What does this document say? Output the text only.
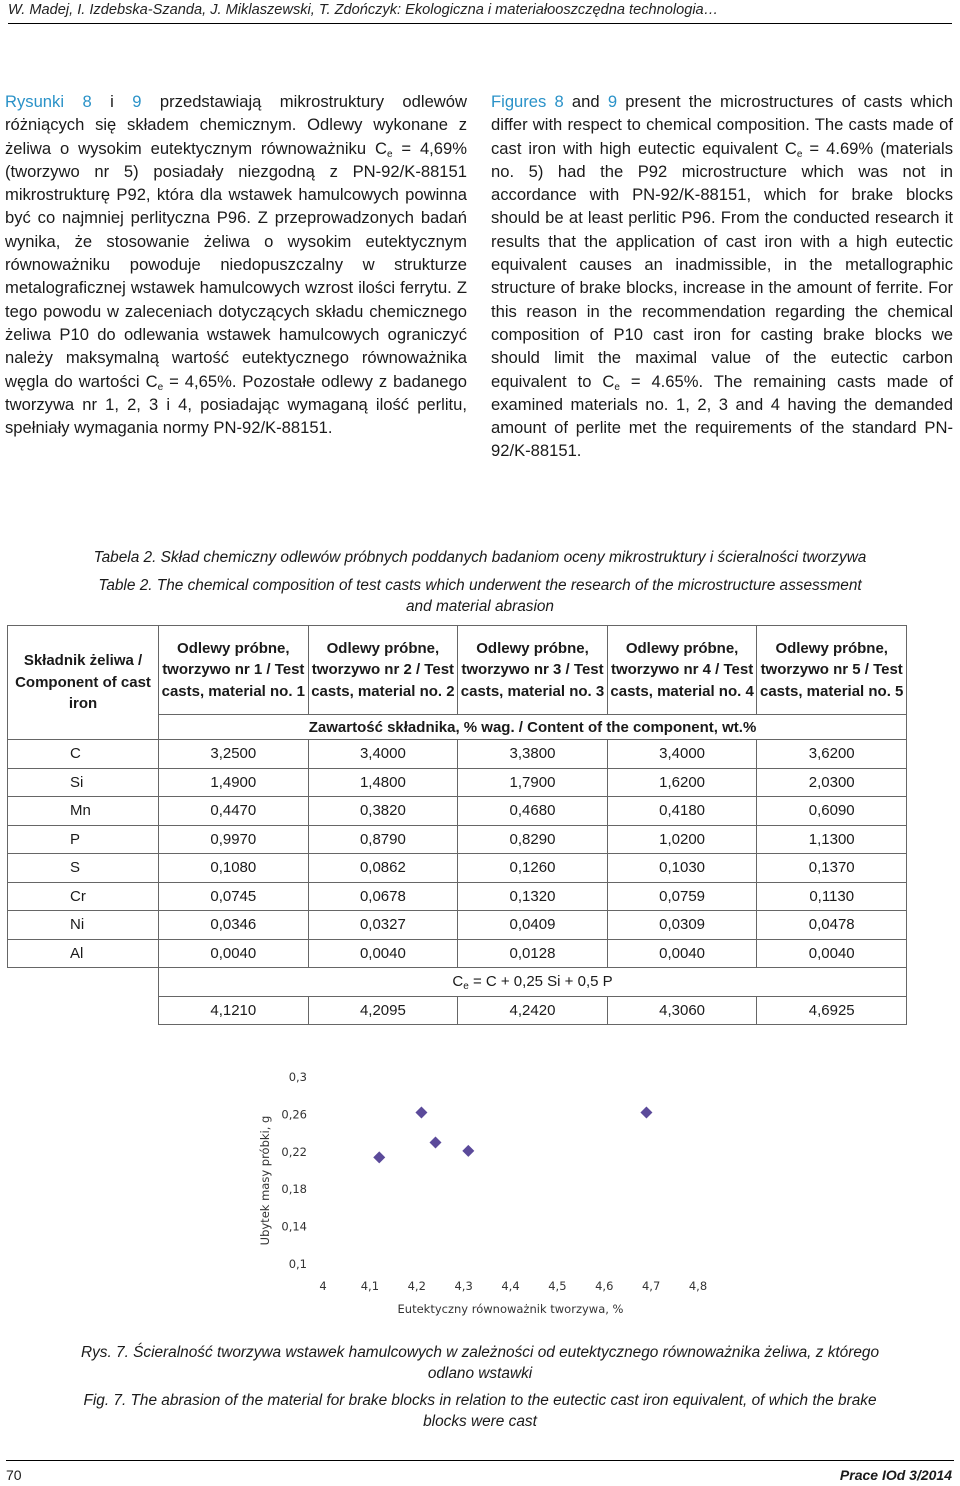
W. Madej, I. Izdebska-Szanda, J. Miklaszewski, T. Zdończyk: Ekologiczna i materiałooszczędna technologia…

Rysunki 8 i 9 przedstawiają mikrostruktury odlewów różniących się składem chemicznym. Odlewy wykonane z żeliwa o wysokim eutektycznym równoważniku $C_e = 4,69\%$ (tworzywo nr 5) posiadały niezgodną z PN-92/K-88151 mikrostrukturę P92, która dla wstawek hamulcowych powinna być co najmniej perlityczna P96. Z przeprowadzonych badań wynika, że stosowanie żeliwa o wysokim eutektycznym równoważniku powoduje niedopuszczalny w strukturze metalograficznej wstawek hamulcowych wzrost ilości ferrytu. Z tego powodu w zaleceniach dotyczących składu chemicznego żeliwa P10 do odlewania wstawek hamulcowych ograniczyć należy maksymalną wartość eutektycznego równoważnika węgla do wartości $C_e = 4,65\%$. Pozostałe odlewy z badanego tworzywa nr 1, 2, 3 i 4, posiadając wymaganą ilość perlitu, spełniały wymagania normy PN-92/K-88151.

Figures 8 and 9 present the microstructures of casts which differ with respect to chemical composition. The casts made of cast iron with high eutectic equivalent $C_e = 4.69\%$ (materials no. 5) had the P92 microstructure which was not in accordance with PN-92/K-88151, which for brake blocks should be at least perlitic P96. From the conducted research it results that the application of cast iron with a high eutectic equivalent causes an inadmissible, in the metallographic structure of brake blocks, increase in the amount of ferrite. For this reason in the recommendation regarding the chemical composition of P10 cast iron for casting brake blocks we should limit the maximal value of the eutectic carbon equivalent to $C_e = 4.65\%$. The remaining casts made of examined materials no. 1, 2, 3 and 4 having the demanded amount of perlite met the requirements of the standard PN-92/K-88151.

Tabela 2. Skład chemiczny odlewów próbnych poddanych badaniom oceny mikrostruktury i ścieralności tworzywa
Table 2. The chemical composition of test casts which underwent the research of the microstructure assessment
and material abrasion
Składnik żeliwa / Component of cast iron	Odlewy próbne, tworzywo nr 1 / Test casts, material no. 1	Odlewy próbne, tworzywo nr 2 / Test casts, material no. 2	Odlewy próbne, tworzywo nr 3 / Test casts, material no. 3	Odlewy próbne, tworzywo nr 4 / Test casts, material no. 4	Odlewy próbne, tworzywo nr 5 / Test casts, material no. 5
	Zawartość składnika, % wag. / Content of the component, wt.%				
C	3,2500	3,4000	3,3800	3,4000	3,6200
Si	1,4900	1,4800	1,7900	1,6200	2,0300
Mn	0,4470	0,3820	0,4680	0,4180	0,6090
P	0,9970	0,8790	0,8290	1,0200	1,1300
S	0,1080	0,0862	0,1260	0,1030	0,1370
Cr	0,0745	0,0678	0,1320	0,0759	0,1130
Ni	0,0346	0,0327	0,0409	0,0309	0,0478
Al	0,0040	0,0040	0,0128	0,0040	0,0040
	$C_e = C + 0,25$ Si + 0,5 P				
	4,1210	4,2095	4,2420	4,3060	4,6925
0,1
0,14
0,18
0,22
0,26
0,3
4	4,1 4,2 4,3 4,4 4,5 4,6 4,7 4,8
Eutektyczny równoważnik tworzywa, %
Ubytek masy próbki, g
Rys. 7. Ścieralność tworzywa wstawek hamulcowych w zależności od eutektycznego równoważnika żeliwa, z którego
odlano wstawki
Fig. 7. The abrasion of the material for brake blocks in relation to the eutectic cast iron equivalent, of which the brake
blocks were cast
70	Prace IOd 3/2014
